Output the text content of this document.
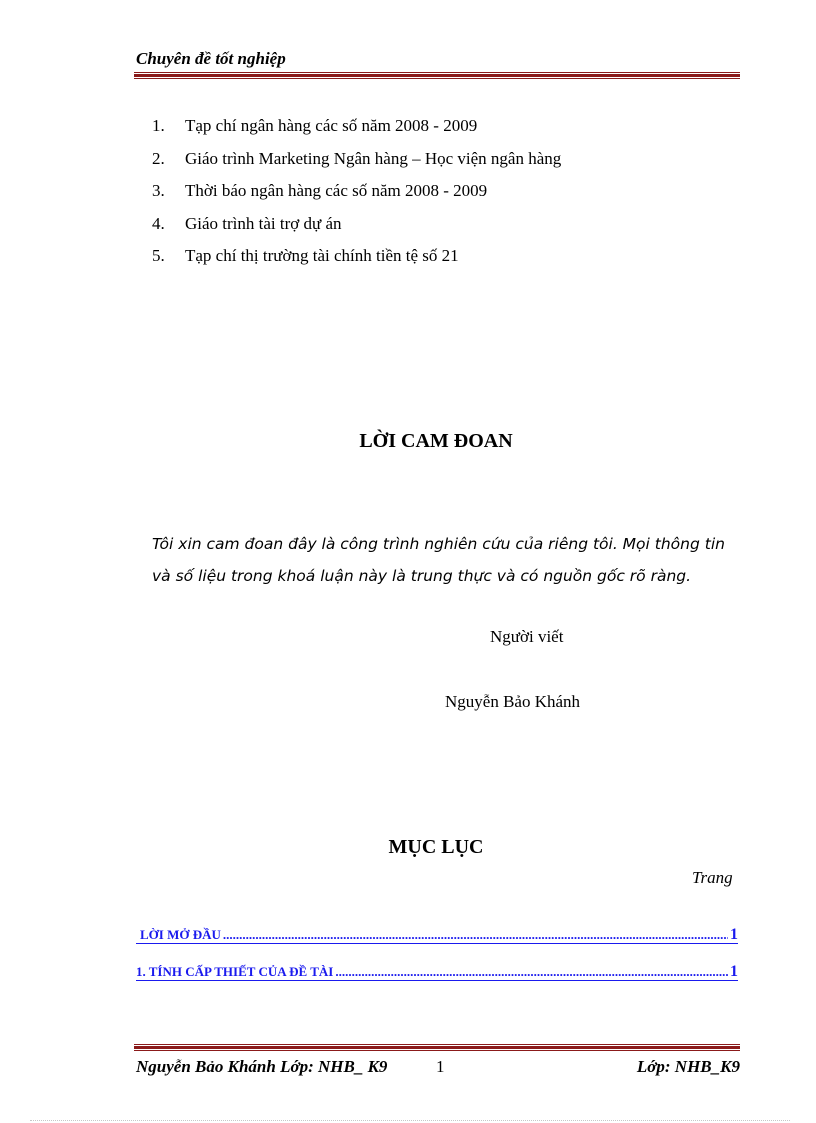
Chuyên đề tốt nghiệp
1. Tạp chí ngân hàng các số năm 2008 - 2009
2. Giáo trình Marketing Ngân hàng – Học viện ngân hàng
3. Thời báo ngân hàng các số năm 2008 - 2009
4. Giáo trình tài trợ dự án
5. Tạp chí thị trường tài chính tiền tệ số 21
LỜI CAM ĐOAN
Tôi xin cam đoan đây là công trình nghiên cứu của riêng tôi. Mọi thông tin
và số liệu trong khoá luận này là trung thực và có nguồn gốc rõ ràng.
Người viết
Nguyễn Bảo Khánh
MỤC LỤC
Trang
LỜI MỞ ĐẦU .....	1
1. TÍNH CẤP THIẾT CỦA ĐỀ TÀI .....	1
Nguyễn Bảo Khánh Lớp: NHB_ K9	1	Lớp: NHB_K9
